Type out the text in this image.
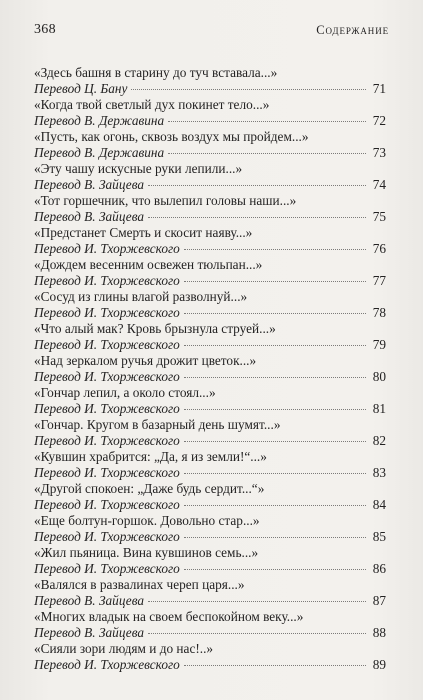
368	Содержание
«Здесь башня в старину до туч вставала...»
Перевод Ц. Бану	71
«Когда твой светлый дух покинет тело...»
Перевод В. Державина	72
«Пусть, как огонь, сквозь воздух мы пройдем...»
Перевод В. Державина	73
«Эту чашу искусные руки лепили...»
Перевод В. Зайцева	74
«Тот горшечник, что вылепил головы наши...»
Перевод В. Зайцева	75
«Предстанет Смерть и скосит наяву...»
Перевод И. Тхоржевского	76
«Дождем весенним освежен тюльпан...»
Перевод И. Тхоржевского	77
«Сосуд из глины влагой разволнуй...»
Перевод И. Тхоржевского	78
«Что алый мак? Кровь брызнула струей...»
Перевод И. Тхоржевского	79
«Над зеркалом ручья дрожит цветок...»
Перевод И. Тхоржевского	80
«Гончар лепил, а около стоял...»
Перевод И. Тхоржевского	81
«Гончар. Кругом в базарный день шумят...»
Перевод И. Тхоржевского	82
«Кувшин храбрится: „Да, я из земли!“...»
Перевод И. Тхоржевского	83
«Другой спокоен: „Даже будь сердит...“»
Перевод И. Тхоржевского	84
«Еще болтун-горшок. Довольно стар...»
Перевод И. Тхоржевского	85
«Жил пьяница. Вина кувшинов семь...»
Перевод И. Тхоржевского	86
«Валялся в развалинах череп царя...»
Перевод В. Зайцева	87
«Многих владык на своем беспокойном веку...»
Перевод В. Зайцева	88
«Сияли зори людям и до нас!..»
Перевод И. Тхоржевского	89
